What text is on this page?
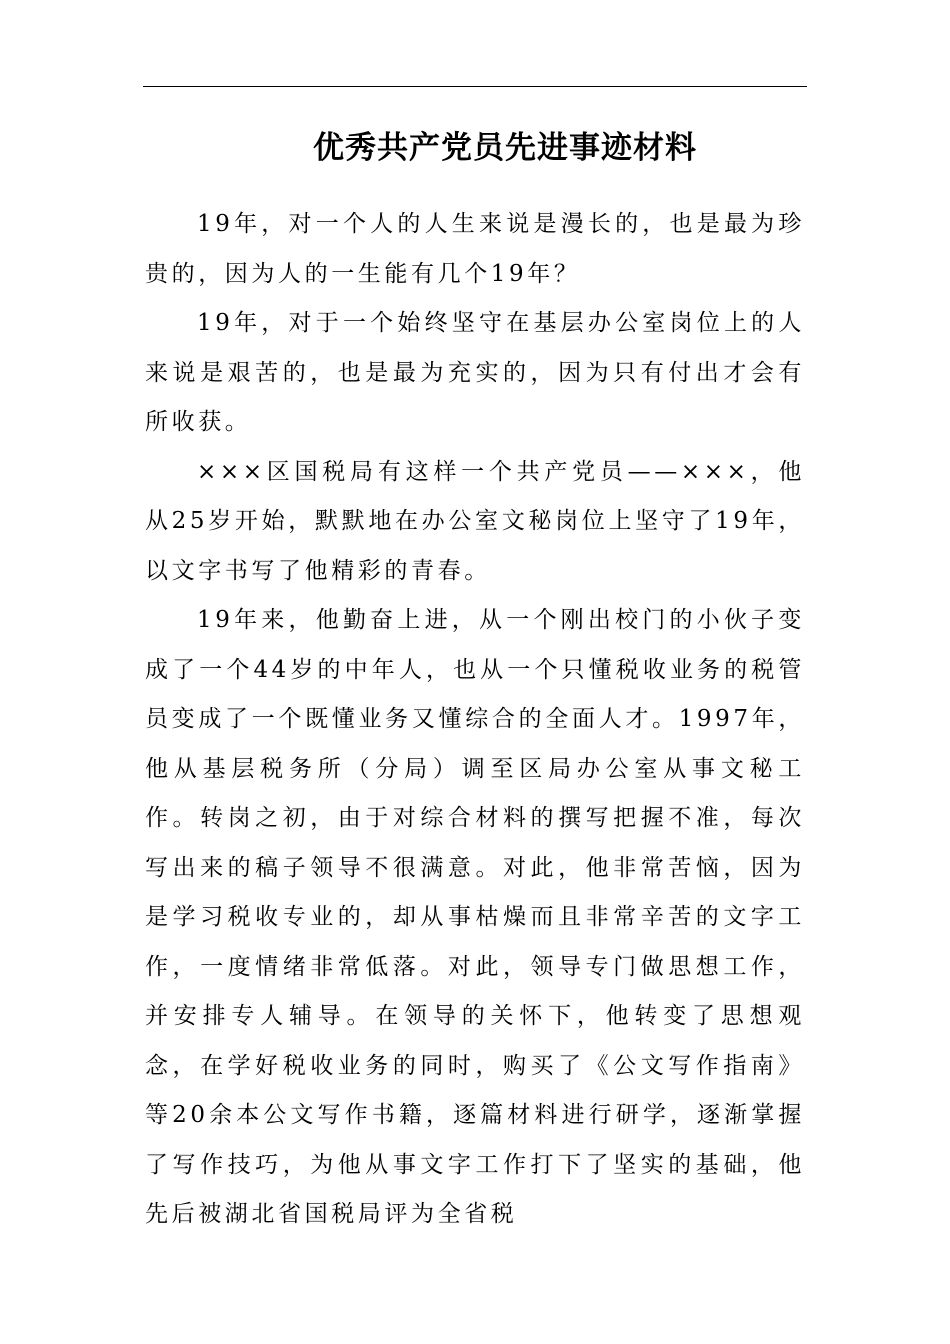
优秀共产党员先进事迹材料

19年，对一个人的人生来说是漫长的，也是最为珍贵的，因为人的一生能有几个19年？

19年，对于一个始终坚守在基层办公室岗位上的人来说是艰苦的，也是最为充实的，因为只有付出才会有所收获。

×××区国税局有这样一个共产党员——×××，他从25岁开始，默默地在办公室文秘岗位上坚守了19年，以文字书写了他精彩的青春。

19年来，他勤奋上进，从一个刚出校门的小伙子变成了一个44岁的中年人，也从一个只懂税收业务的税管员变成了一个既懂业务又懂综合的全面人才。1997年，他从基层税务所（分局）调至区局办公室从事文秘工作。转岗之初，由于对综合材料的撰写把握不准，每次写出来的稿子领导不很满意。对此，他非常苦恼，因为是学习税收专业的，却从事枯燥而且非常辛苦的文字工作，一度情绪非常低落。对此，领导专门做思想工作，并安排专人辅导。在领导的关怀下，他转变了思想观念，在学好税收业务的同时，购买了《公文写作指南》等20余本公文写作书籍，逐篇材料进行研学，逐渐掌握了写作技巧，为他从事文字工作打下了坚实的基础，他先后被湖北省国税局评为全省税
